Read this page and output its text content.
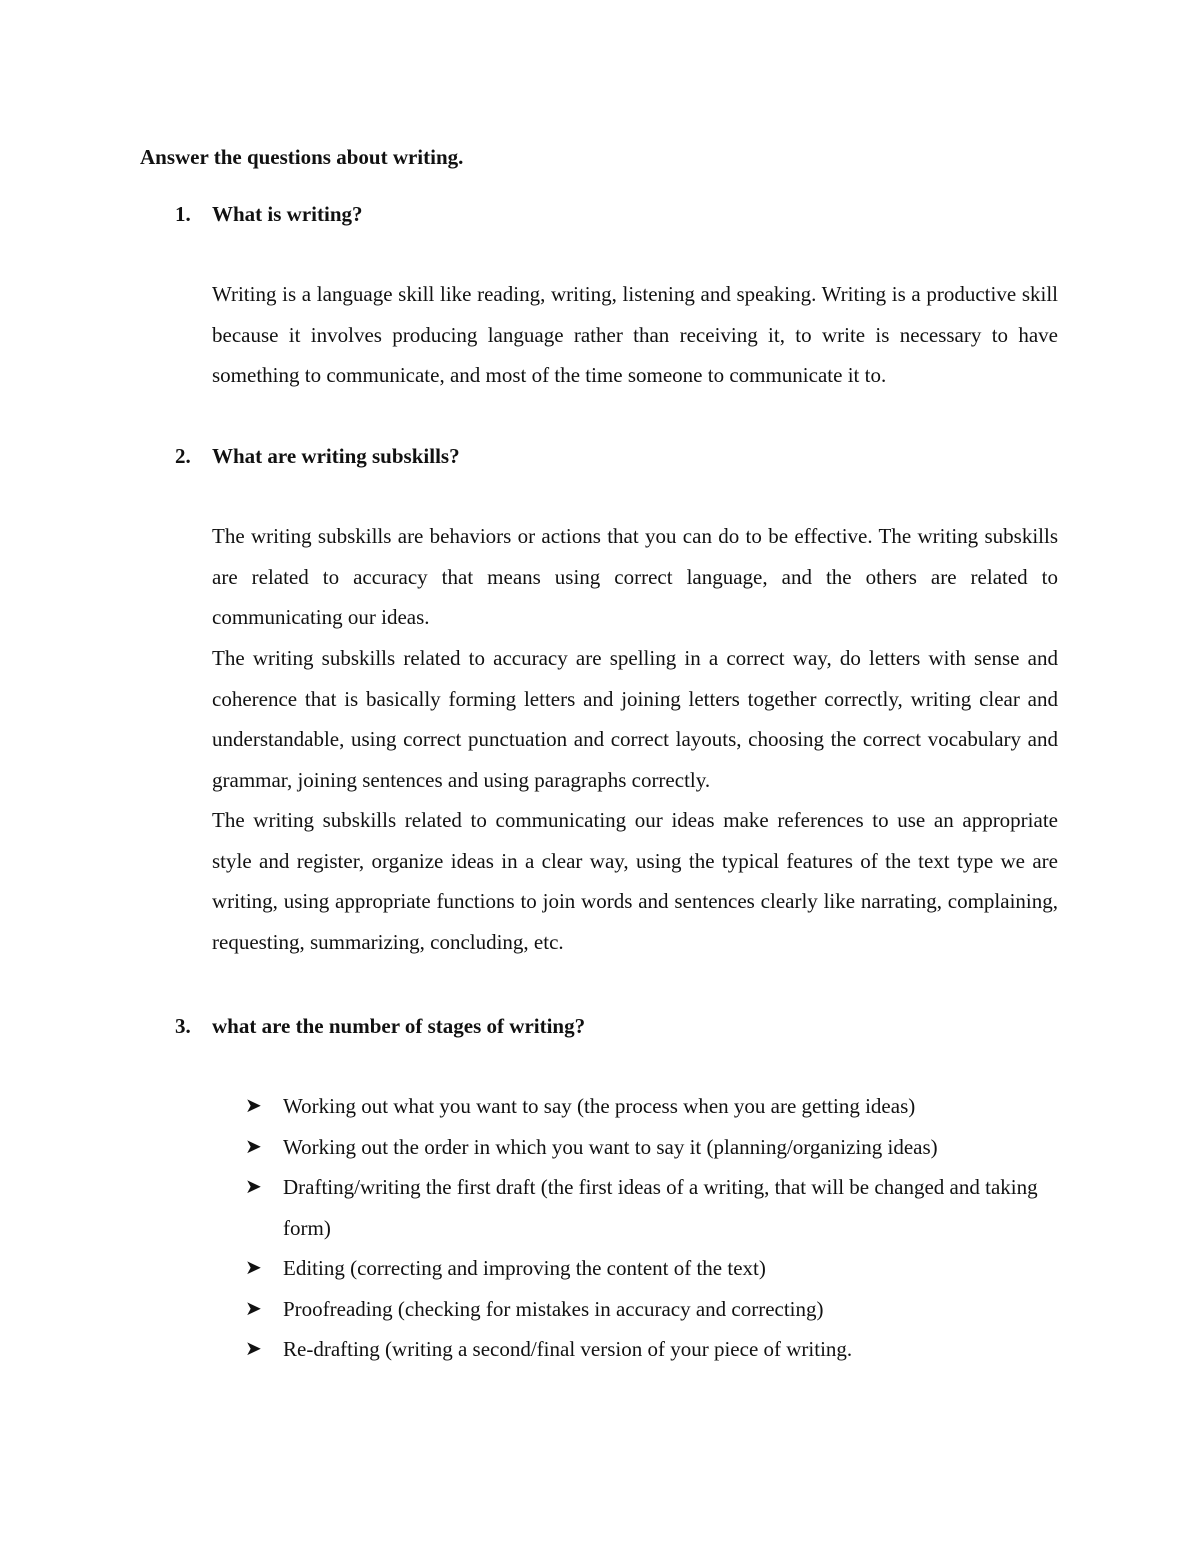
Answer the questions about writing.
1. What is writing?

Writing is a language skill like reading, writing, listening and speaking. Writing is a productive skill because it involves producing language rather than receiving it, to write is necessary to have something to communicate, and most of the time someone to communicate it to.

2. What are writing subskills?

The writing subskills are behaviors or actions that you can do to be effective. The writing subskills are related to accuracy that means using correct language, and the others are related to communicating our ideas.

The writing subskills related to accuracy are spelling in a correct way, do letters with sense and coherence that is basically forming letters and joining letters together correctly, writing clear and understandable, using correct punctuation and correct layouts, choosing the correct vocabulary and grammar, joining sentences and using paragraphs correctly.

The writing subskills related to communicating our ideas make references to use an appropriate style and register, organize ideas in a clear way, using the typical features of the text type we are writing, using appropriate functions to join words and sentences clearly like narrating, complaining, requesting, summarizing, concluding, etc.

3. what are the number of stages of writing?
➤ Working out what you want to say (the process when you are getting ideas)
➤ Working out the order in which you want to say it (planning/organizing ideas)
➤ Drafting/writing the first draft (the first ideas of a writing, that will be changed and taking form)
➤ Editing (correcting and improving the content of the text)
➤ Proofreading (checking for mistakes in accuracy and correcting)
➤ Re-drafting (writing a second/final version of your piece of writing.
